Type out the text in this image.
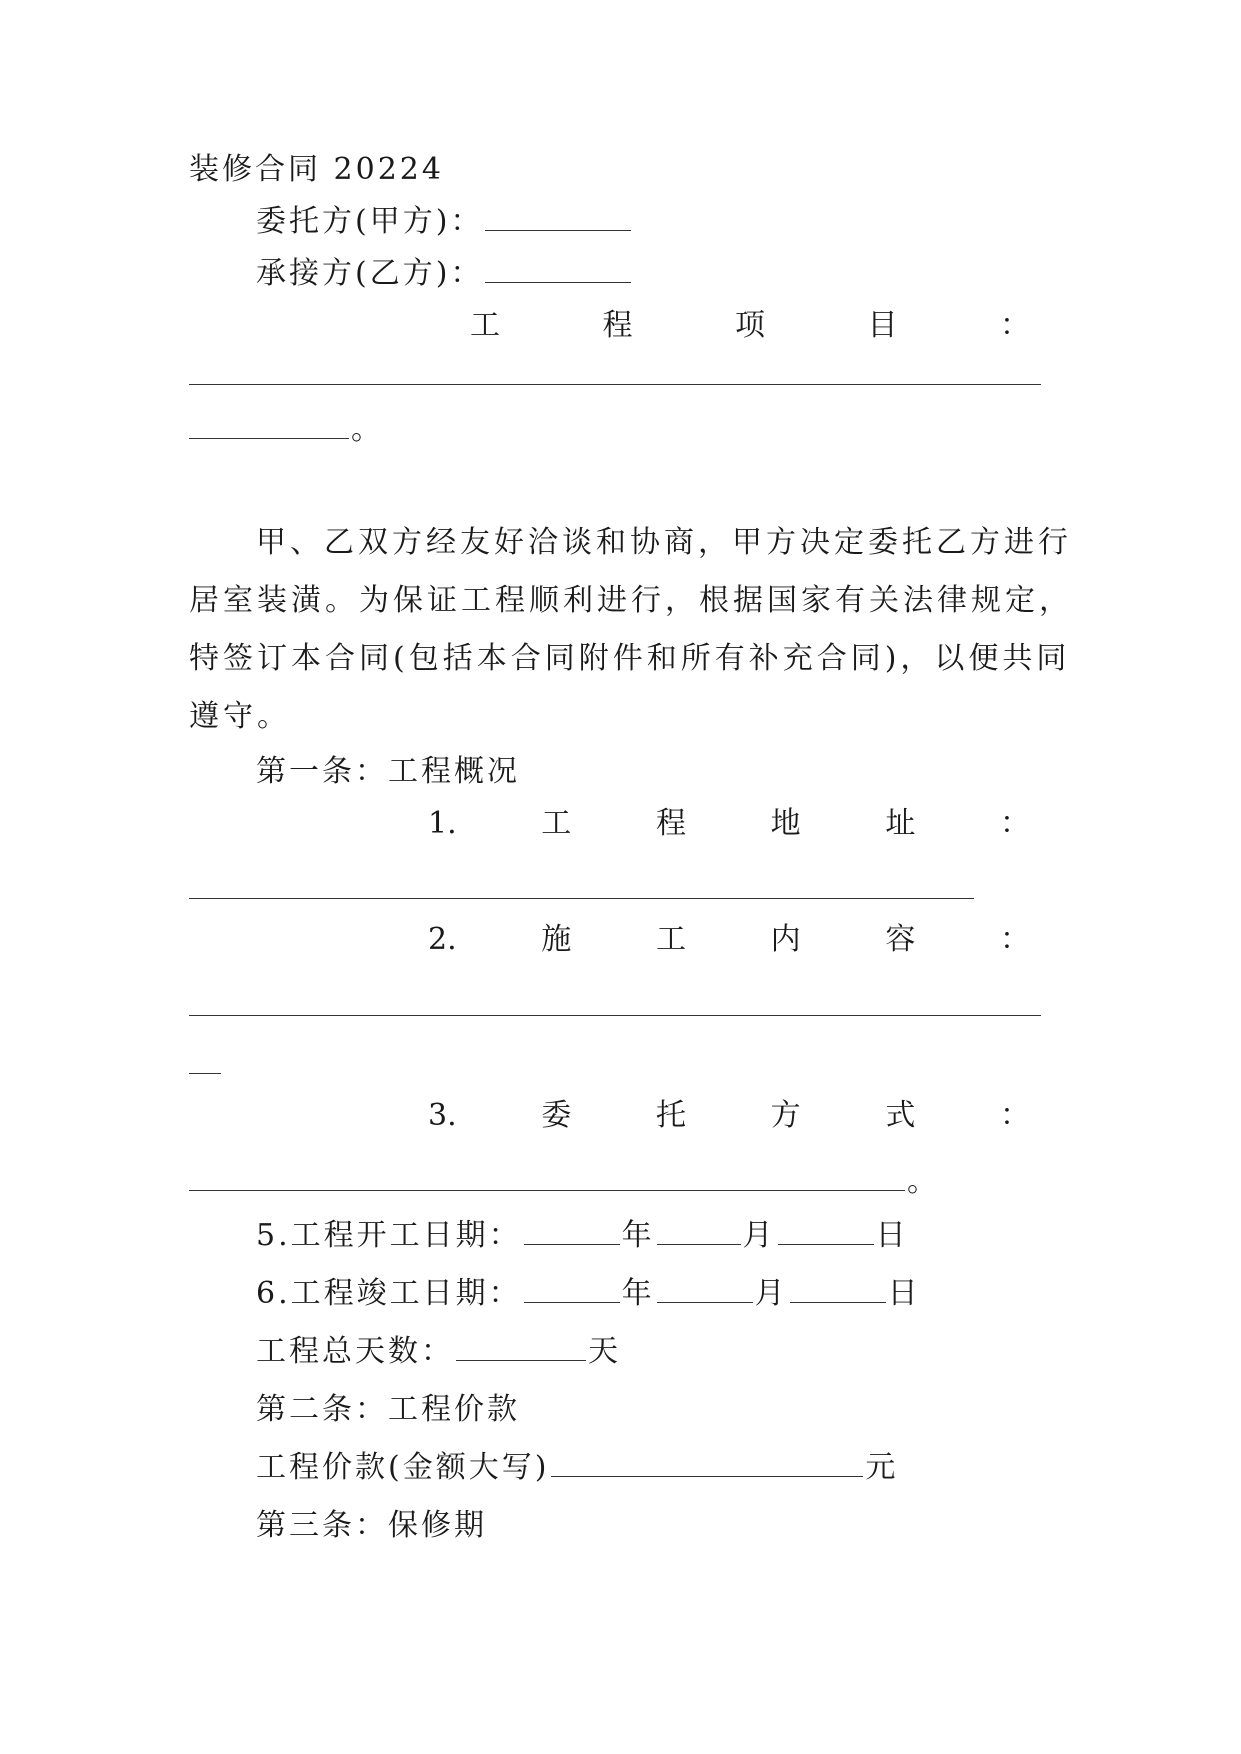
装修合同 20224
委托方(甲方)：
承接方(乙方)：
工	程	项	目	：
。
甲、乙双方经友好洽谈和协商，甲方决定委托乙方进行
居室装潢。为保证工程顺利进行，根据国家有关法律规定，
特签订本合同(包括本合同附件和所有补充合同)，以便共同
遵守。
第一条：工程概况
1.	工	程	地	址	：
2.	施	工	内	容	：
3.	委	托	方	式	：
。
5.工程开工日期：	年	月	日
6.工程竣工日期：	年	月	日
工程总天数：	天
第二条：工程价款
工程价款(金额大写)	元
第三条：保修期
